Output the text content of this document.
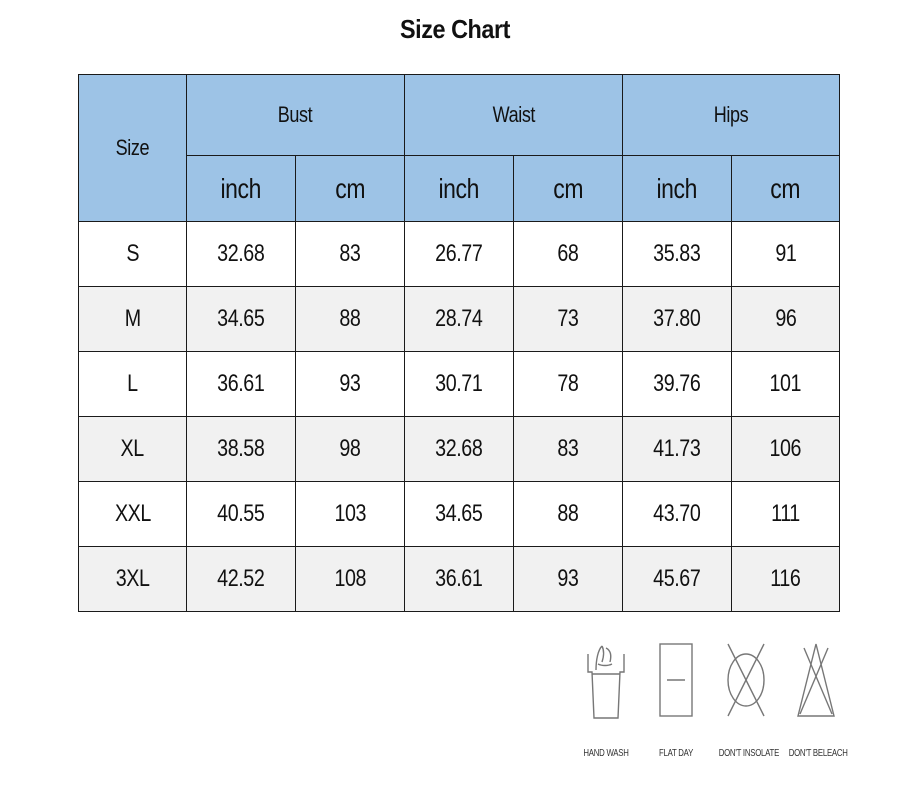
Size Chart
Size	Bust		Waist		Hips	
	inch	cm	inch	cm	inch	cm
S	32.68	83	26.77	68	35.83	91
M	34.65	88	28.74	73	37.80	96
L	36.61	93	30.71	78	39.76	101
XL	38.58	98	32.68	83	41.73	106
XXL	40.55	103	34.65	88	43.70	111
3XL	42.52	108	36.61	93	45.67	116
HAND WASH	FLAT DAY	DON'T INSOLATE DON'T BELEACH
